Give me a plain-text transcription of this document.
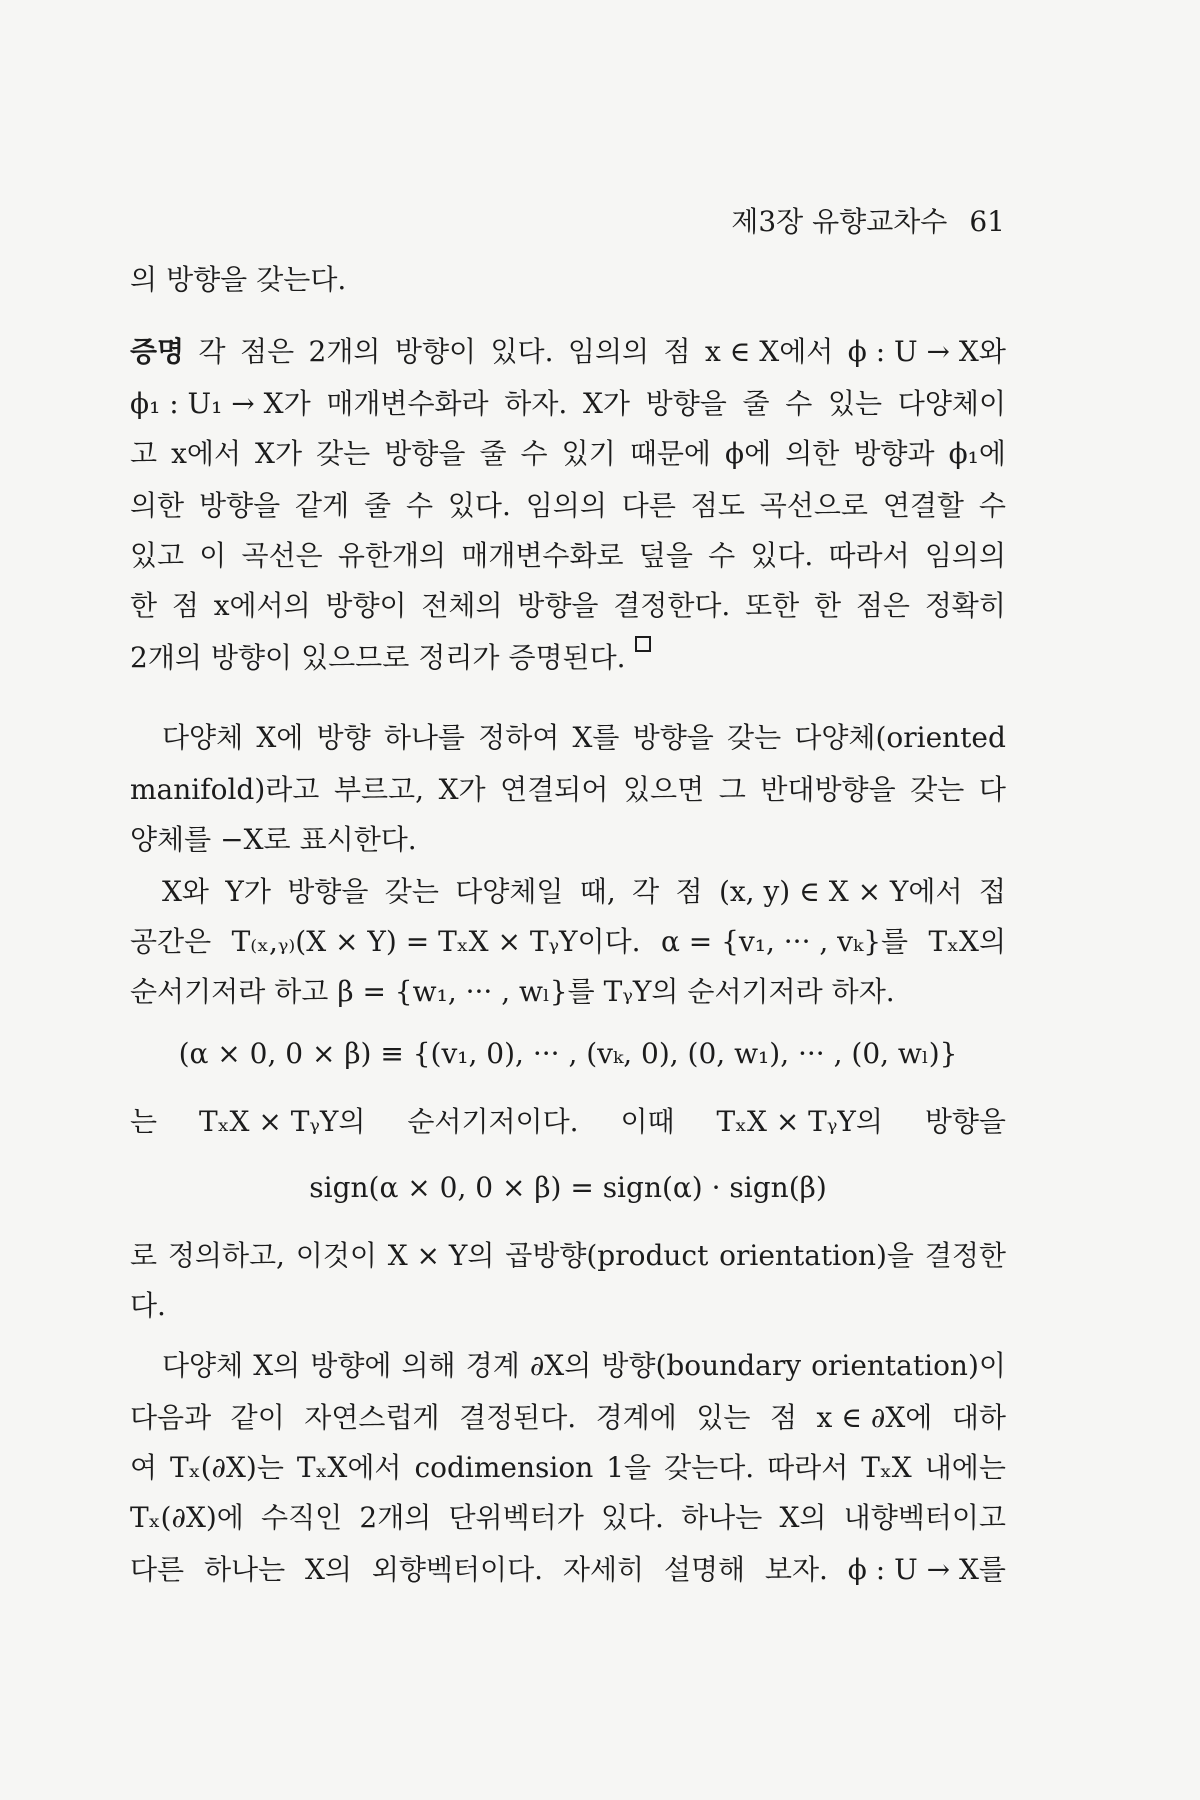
제3장 유향교차수 61
의 방향을 갖는다.
증명 각 점은 2개의 방향이 있다. 임의의 점 x ∈ X에서 ϕ : U → X와
ϕ₁ : U₁ → X가 매개변수화라 하자. X가 방향을 줄 수 있는 다양체이
고 x에서 X가 갖는 방향을 줄 수 있기 때문에 ϕ에 의한 방향과 ϕ₁에
의한 방향을 같게 줄 수 있다. 임의의 다른 점도 곡선으로 연결할 수
있고 이 곡선은 유한개의 매개변수화로 덮을 수 있다. 따라서 임의의
한 점 x에서의 방향이 전체의 방향을 결정한다. 또한 한 점은 정확히
2개의 방향이 있으므로 정리가 증명된다.
다양체 X에 방향 하나를 정하여 X를 방향을 갖는 다양체(oriented
manifold)라고 부르고, X가 연결되어 있으면 그 반대방향을 갖는 다
양체를 −X로 표시한다.
X와 Y가 방향을 갖는 다양체일 때, 각 점 (x, y) ∈ X × Y에서 접
공간은 T₍ₓ,ᵧ₎(X × Y) = TₓX × TᵧY이다. α = {v₁, ··· , vₖ}를 TₓX의
순서기저라 하고 β = {w₁, ··· , wₗ}를 TᵧY의 순서기저라 하자.
는 TₓX × TᵧY의 순서기저이다. 이때 TₓX × TᵧY의 방향을
로 정의하고, 이것이 X × Y의 곱방향(product orientation)을 결정한
다.
다양체 X의 방향에 의해 경계 ∂X의 방향(boundary orientation)이
다음과 같이 자연스럽게 결정된다. 경계에 있는 점 x ∈ ∂X에 대하
여 Tₓ(∂X)는 TₓX에서 codimension 1을 갖는다. 따라서 TₓX 내에는
Tₓ(∂X)에 수직인 2개의 단위벡터가 있다. 하나는 X의 내향벡터이고
다른 하나는 X의 외향벡터이다. 자세히 설명해 보자. ϕ : U → X를
(α × 0, 0 × β) ≡ {(v₁, 0), ··· , (vₖ, 0), (0, w₁), ··· , (0, wₗ)}
sign(α × 0, 0 × β) = sign(α) · sign(β)
